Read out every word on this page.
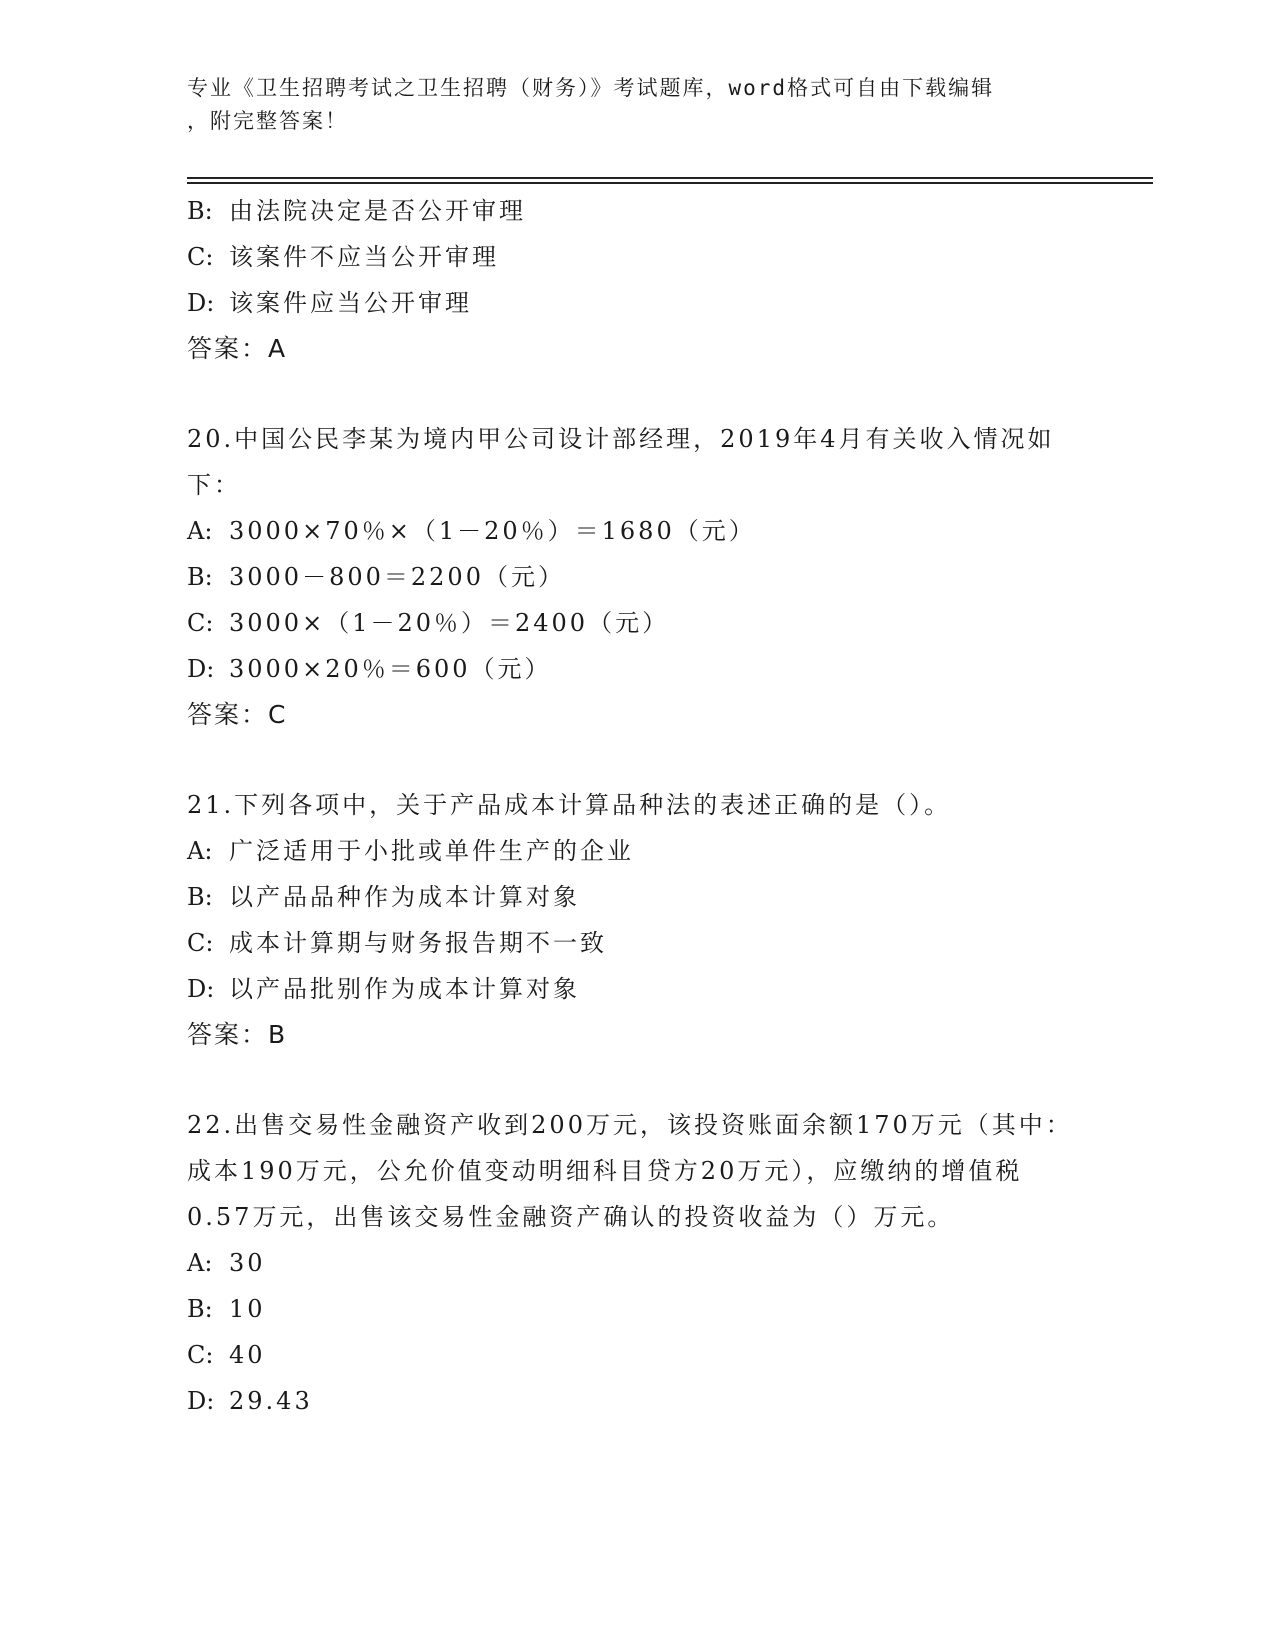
专业《卫生招聘考试之卫生招聘（财务）》考试题库，word格式可自由下载编辑
，附完整答案！
B: 由法院决定是否公开审理
C: 该案件不应当公开审理
D: 该案件应当公开审理
答案：A
20.中国公民李某为境内甲公司设计部经理，2019年4月有关收入情况如下：
A: 3000×70％×（1－20％）＝1680（元）
B: 3000－800＝2200（元）
C: 3000×（1－20％）＝2400（元）
D: 3000×20％＝600（元）
答案：C
21.下列各项中，关于产品成本计算品种法的表述正确的是（）。
A: 广泛适用于小批或单件生产的企业
B: 以产品品种作为成本计算对象
C: 成本计算期与财务报告期不一致
D: 以产品批别作为成本计算对象
答案：B
22.出售交易性金融资产收到200万元，该投资账面余额170万元（其中：成本190万元，公允价值变动明细科目贷方20万元），应缴纳的增值税0.57万元，出售该交易性金融资产确认的投资收益为（）万元。
A: 30
B: 10
C: 40
D: 29.43
